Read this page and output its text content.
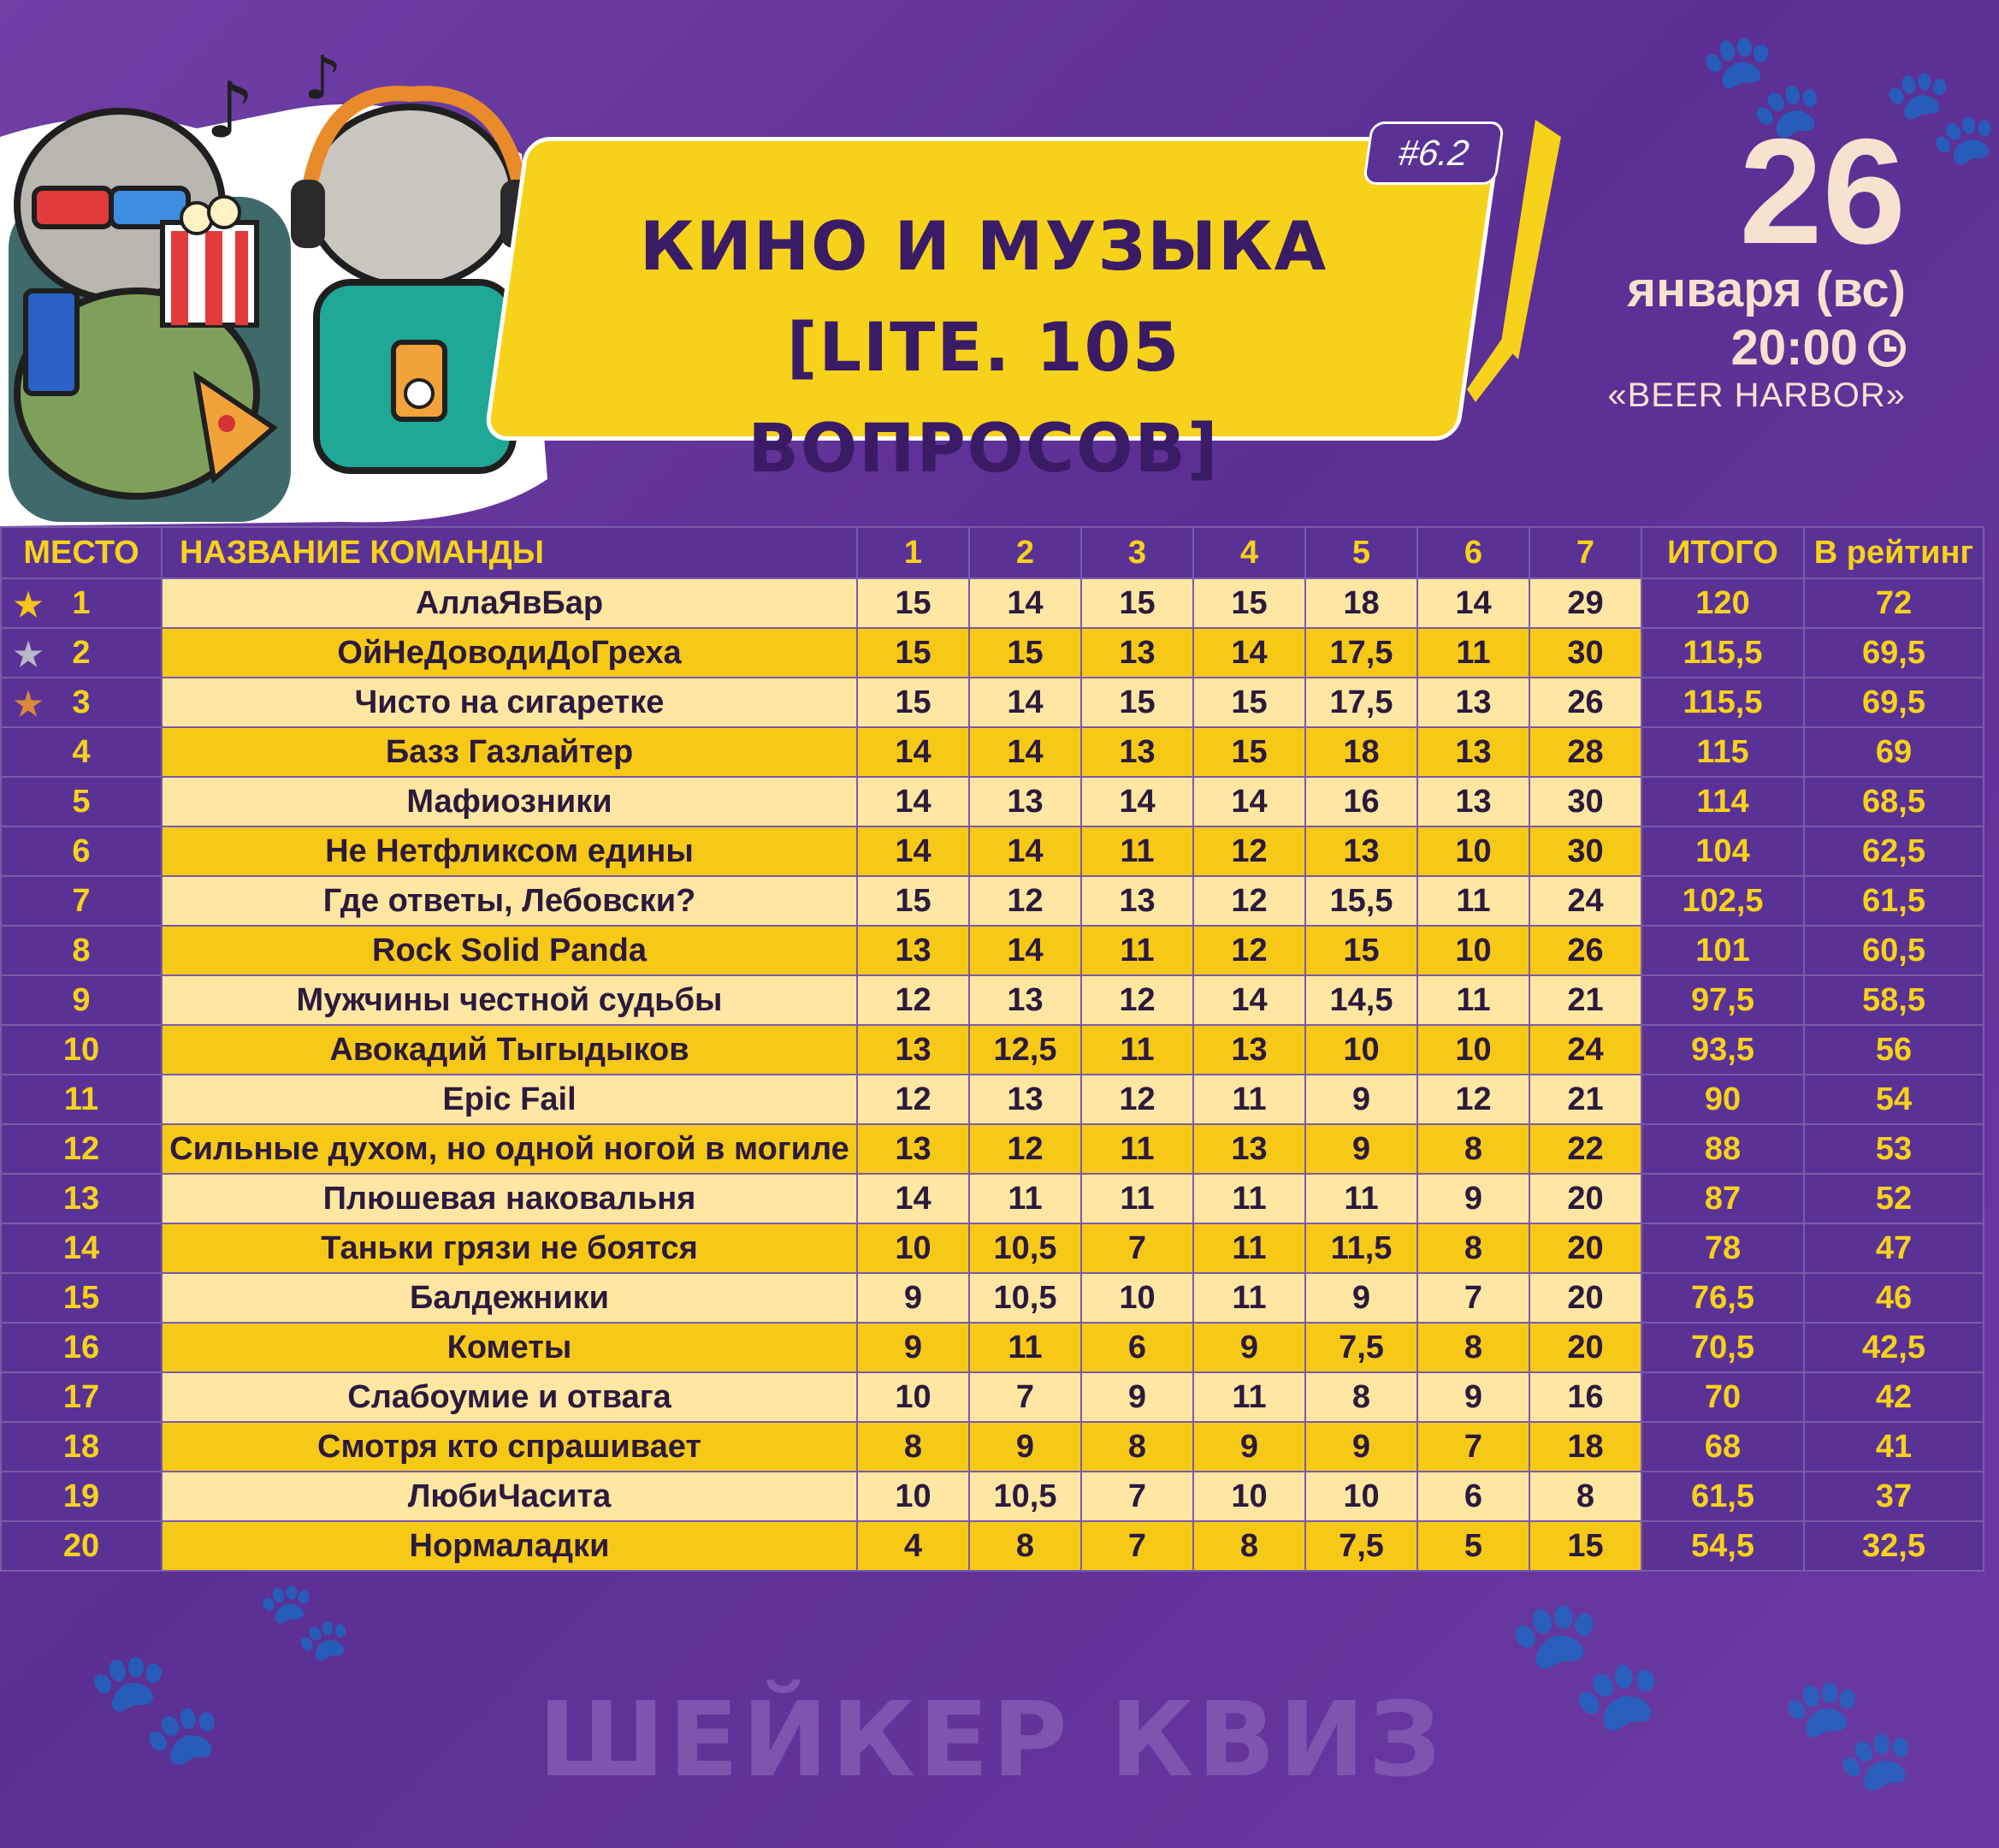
🐾 🐾
🐾 🐾
🐾
🐾
♪ ♪
#6.2
КИНО И МУЗЫКА
[LITE. 105 ВОПРОСОВ]
26
января (вс)
20:00
«BEER HARBOR»
МЕСТО	НАЗВАНИЕ КОМАНДЫ	1	2	3	4	5	6	7	ИТОГО	В рейтинг

★ 1	АллаЯвБар	15	14	15	15	18	14	29	120	72

★ 2	ОйНеДоводиДоГреха	15	15	13	14	17,5	11	30	115,5	69,5

★ 3	Чисто на сигаретке	15	14	15	15	17,5	13	26	115,5	69,5
4	Базз Газлайтер	14	14	13	15	18	13	28	115	69
5	Мафиозники	14	13	14	14	16	13	30	114	68,5
6	Не Нетфликсом едины	14	14	11	12	13	10	30	104	62,5
7	Где ответы, Лебовски?	15	12	13	12	15,5	11	24	102,5	61,5
8	Rock Solid Panda	13	14	11	12	15	10	26	101	60,5
9	Мужчины честной судьбы	12	13	12	14	14,5	11	21	97,5	58,5
10	Авокадий Тыгыдыков	13	12,5	11	13	10	10	24	93,5	56
11	Epic Fail	12	13	12	11	9	12	21	90	54
12	Сильные духом, но одной ногой в могиле	13	12	11	13	9	8	22	88	53
13	Плюшевая наковальня	14	11	11	11	11	9	20	87	52
14	Таньки грязи не боятся	10	10,5	7	11	11,5	8	20	78	47
15	Балдежники	9	10,5	10	11	9	7	20	76,5	46
16	Кометы	9	11	6	9	7,5	8	20	70,5	42,5
17	Слабоумие и отвага	10	7	9	11	8	9	16	70	42
18	Смотря кто спрашивает	8	9	8	9	9	7	18	68	41
19	ЛюбиЧасита	10	10,5	7	10	10	6	8	61,5	37
20	Нормаладки	4	8	7	8	7,5	5	15	54,5	32,5
ШЕЙКЕР КВИЗ
